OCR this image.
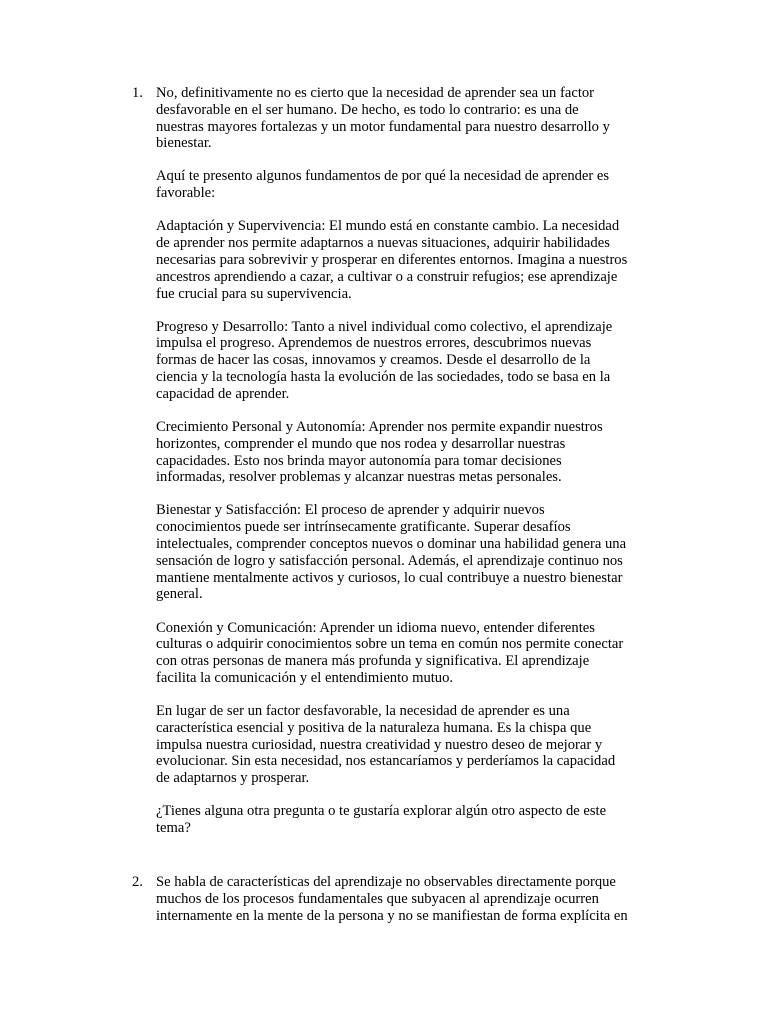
1. No, definitivamente no es cierto que la necesidad de aprender sea un factor
desfavorable en el ser humano. De hecho, es todo lo contrario: es una de
nuestras mayores fortalezas y un motor fundamental para nuestro desarrollo y
bienestar.

Aquí te presento algunos fundamentos de por qué la necesidad de aprender es
favorable:

Adaptación y Supervivencia: El mundo está en constante cambio. La necesidad
de aprender nos permite adaptarnos a nuevas situaciones, adquirir habilidades
necesarias para sobrevivir y prosperar en diferentes entornos. Imagina a nuestros
ancestros aprendiendo a cazar, a cultivar o a construir refugios; ese aprendizaje
fue crucial para su supervivencia.

Progreso y Desarrollo: Tanto a nivel individual como colectivo, el aprendizaje
impulsa el progreso. Aprendemos de nuestros errores, descubrimos nuevas
formas de hacer las cosas, innovamos y creamos. Desde el desarrollo de la
ciencia y la tecnología hasta la evolución de las sociedades, todo se basa en la
capacidad de aprender.

Crecimiento Personal y Autonomía: Aprender nos permite expandir nuestros
horizontes, comprender el mundo que nos rodea y desarrollar nuestras
capacidades. Esto nos brinda mayor autonomía para tomar decisiones
informadas, resolver problemas y alcanzar nuestras metas personales.

Bienestar y Satisfacción: El proceso de aprender y adquirir nuevos
conocimientos puede ser intrínsecamente gratificante. Superar desafíos
intelectuales, comprender conceptos nuevos o dominar una habilidad genera una
sensación de logro y satisfacción personal. Además, el aprendizaje continuo nos
mantiene mentalmente activos y curiosos, lo cual contribuye a nuestro bienestar
general.

Conexión y Comunicación: Aprender un idioma nuevo, entender diferentes
culturas o adquirir conocimientos sobre un tema en común nos permite conectar
con otras personas de manera más profunda y significativa. El aprendizaje
facilita la comunicación y el entendimiento mutuo.

En lugar de ser un factor desfavorable, la necesidad de aprender es una
característica esencial y positiva de la naturaleza humana. Es la chispa que
impulsa nuestra curiosidad, nuestra creatividad y nuestro deseo de mejorar y
evolucionar. Sin esta necesidad, nos estancaríamos y perderíamos la capacidad
de adaptarnos y prosperar.

¿Tienes alguna otra pregunta o te gustaría explorar algún otro aspecto de este
tema?

2. Se habla de características del aprendizaje no observables directamente porque
muchos de los procesos fundamentales que subyacen al aprendizaje ocurren
internamente en la mente de la persona y no se manifiestan de forma explícita en
